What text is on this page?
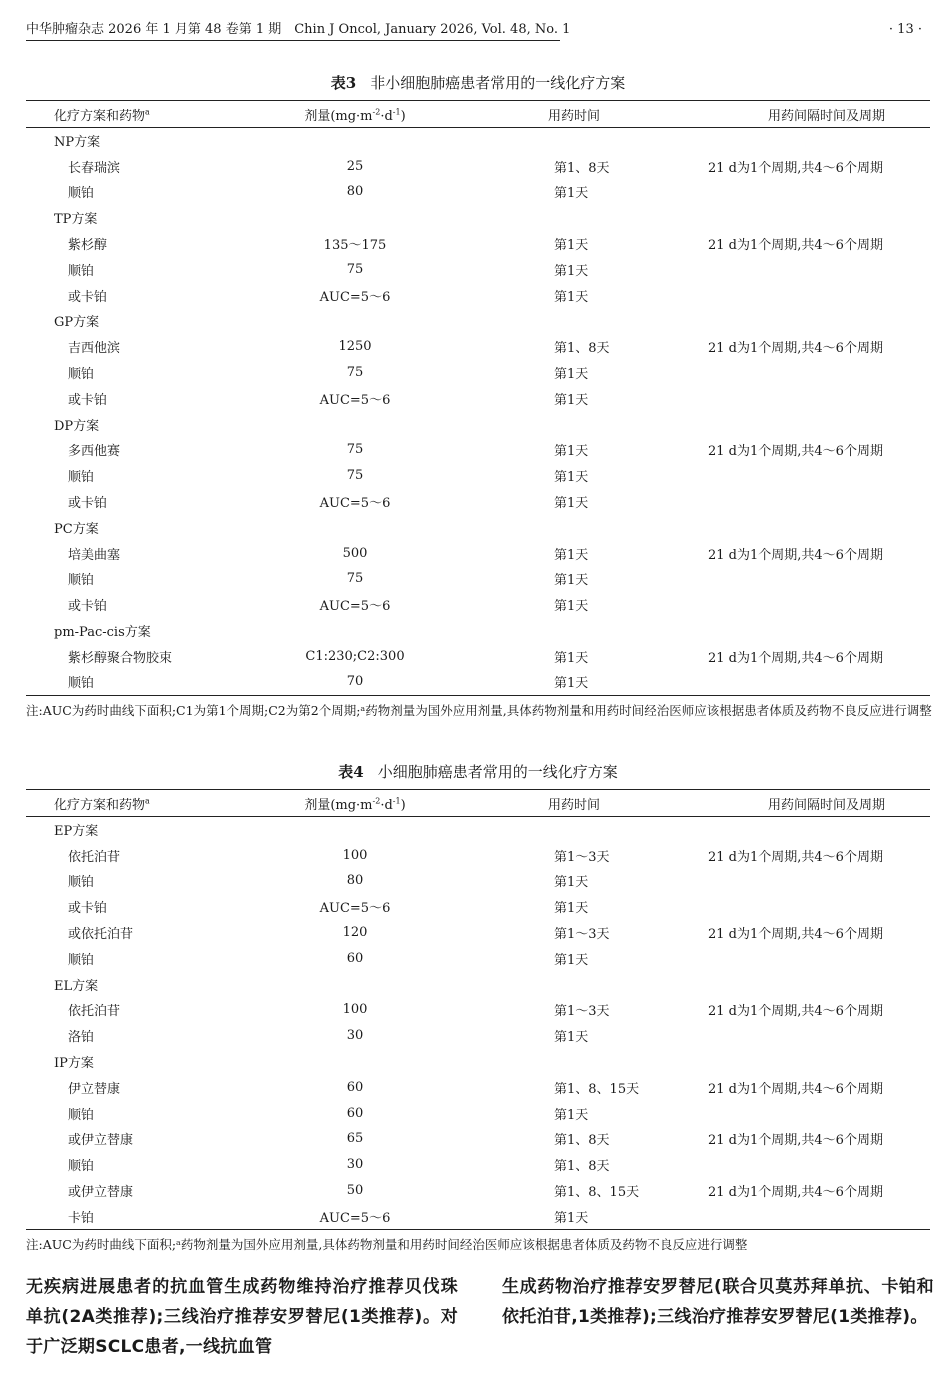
中华肿瘤杂志 2026 年 1 月第 48 卷第 1 期　Chin J Oncol, January 2026, Vol. 48, No. 1	· 13 ·
表3 非小细胞肺癌患者常用的一线化疗方案
化疗方案和药物$^a$	剂量$(mg\cdot m^{-2}\cdot d^{-1})$	用药时间	用药间隔时间及周期
NP方案			
长春瑞滨	25	第1、8天	21 d为1个周期,共4～6个周期
顺铂	80	第1天	
TP方案			
紫杉醇	135～175	第1天	21 d为1个周期,共4～6个周期
顺铂	75	第1天	
或卡铂	AUC=5～6	第1天	
GP方案			
吉西他滨	1250	第1、8天	21 d为1个周期,共4～6个周期
顺铂	75	第1天	
或卡铂	AUC=5～6	第1天	
DP方案			
多西他赛	75	第1天	21 d为1个周期,共4～6个周期
顺铂	75	第1天	
或卡铂	AUC=5～6	第1天	
PC方案			
培美曲塞	500	第1天	21 d为1个周期,共4～6个周期
顺铂	75	第1天	
或卡铂	AUC=5～6	第1天	
pm-Pac-cis方案			
紫杉醇聚合物胶束	C1:230;C2:300	第1天	21 d为1个周期,共4～6个周期
顺铂	70	第1天	
注:AUC为药时曲线下面积;C1为第1个周期;C2为第2个周期;ᵃ药物剂量为国外应用剂量,具体药物剂量和用药时间经治医师应该根据患者体质及药物不良反应进行调整
表4 小细胞肺癌患者常用的一线化疗方案
化疗方案和药物$^a$	剂量$(mg\cdot m^{-2}\cdot d^{-1})$	用药时间	用药间隔时间及周期
EP方案			
依托泊苷	100	第1～3天	21 d为1个周期,共4～6个周期
顺铂	80	第1天	
或卡铂	AUC=5～6	第1天	
或依托泊苷	120	第1～3天	21 d为1个周期,共4～6个周期
顺铂	60	第1天	
EL方案			
依托泊苷	100	第1～3天	21 d为1个周期,共4～6个周期
洛铂	30	第1天	
IP方案			
伊立替康	60	第1、8、15天	21 d为1个周期,共4～6个周期
顺铂	60	第1天	
或伊立替康	65	第1、8天	21 d为1个周期,共4～6个周期
顺铂	30	第1、8天	
或伊立替康	50	第1、8、15天	21 d为1个周期,共4～6个周期
卡铂	AUC=5～6	第1天	
注:AUC为药时曲线下面积;ᵃ药物剂量为国外应用剂量,具体药物剂量和用药时间经治医师应该根据患者体质及药物不良反应进行调整
无疾病进展患者的抗血管生成药物维持治疗推荐贝伐珠单抗(2A类推荐);三线治疗推荐安罗替尼(1类推荐)。对于广泛期SCLC患者,一线抗血管
生成药物治疗推荐安罗替尼(联合贝莫苏拜单抗、卡铂和依托泊苷,1类推荐);三线治疗推荐安罗替尼(1类推荐)。
